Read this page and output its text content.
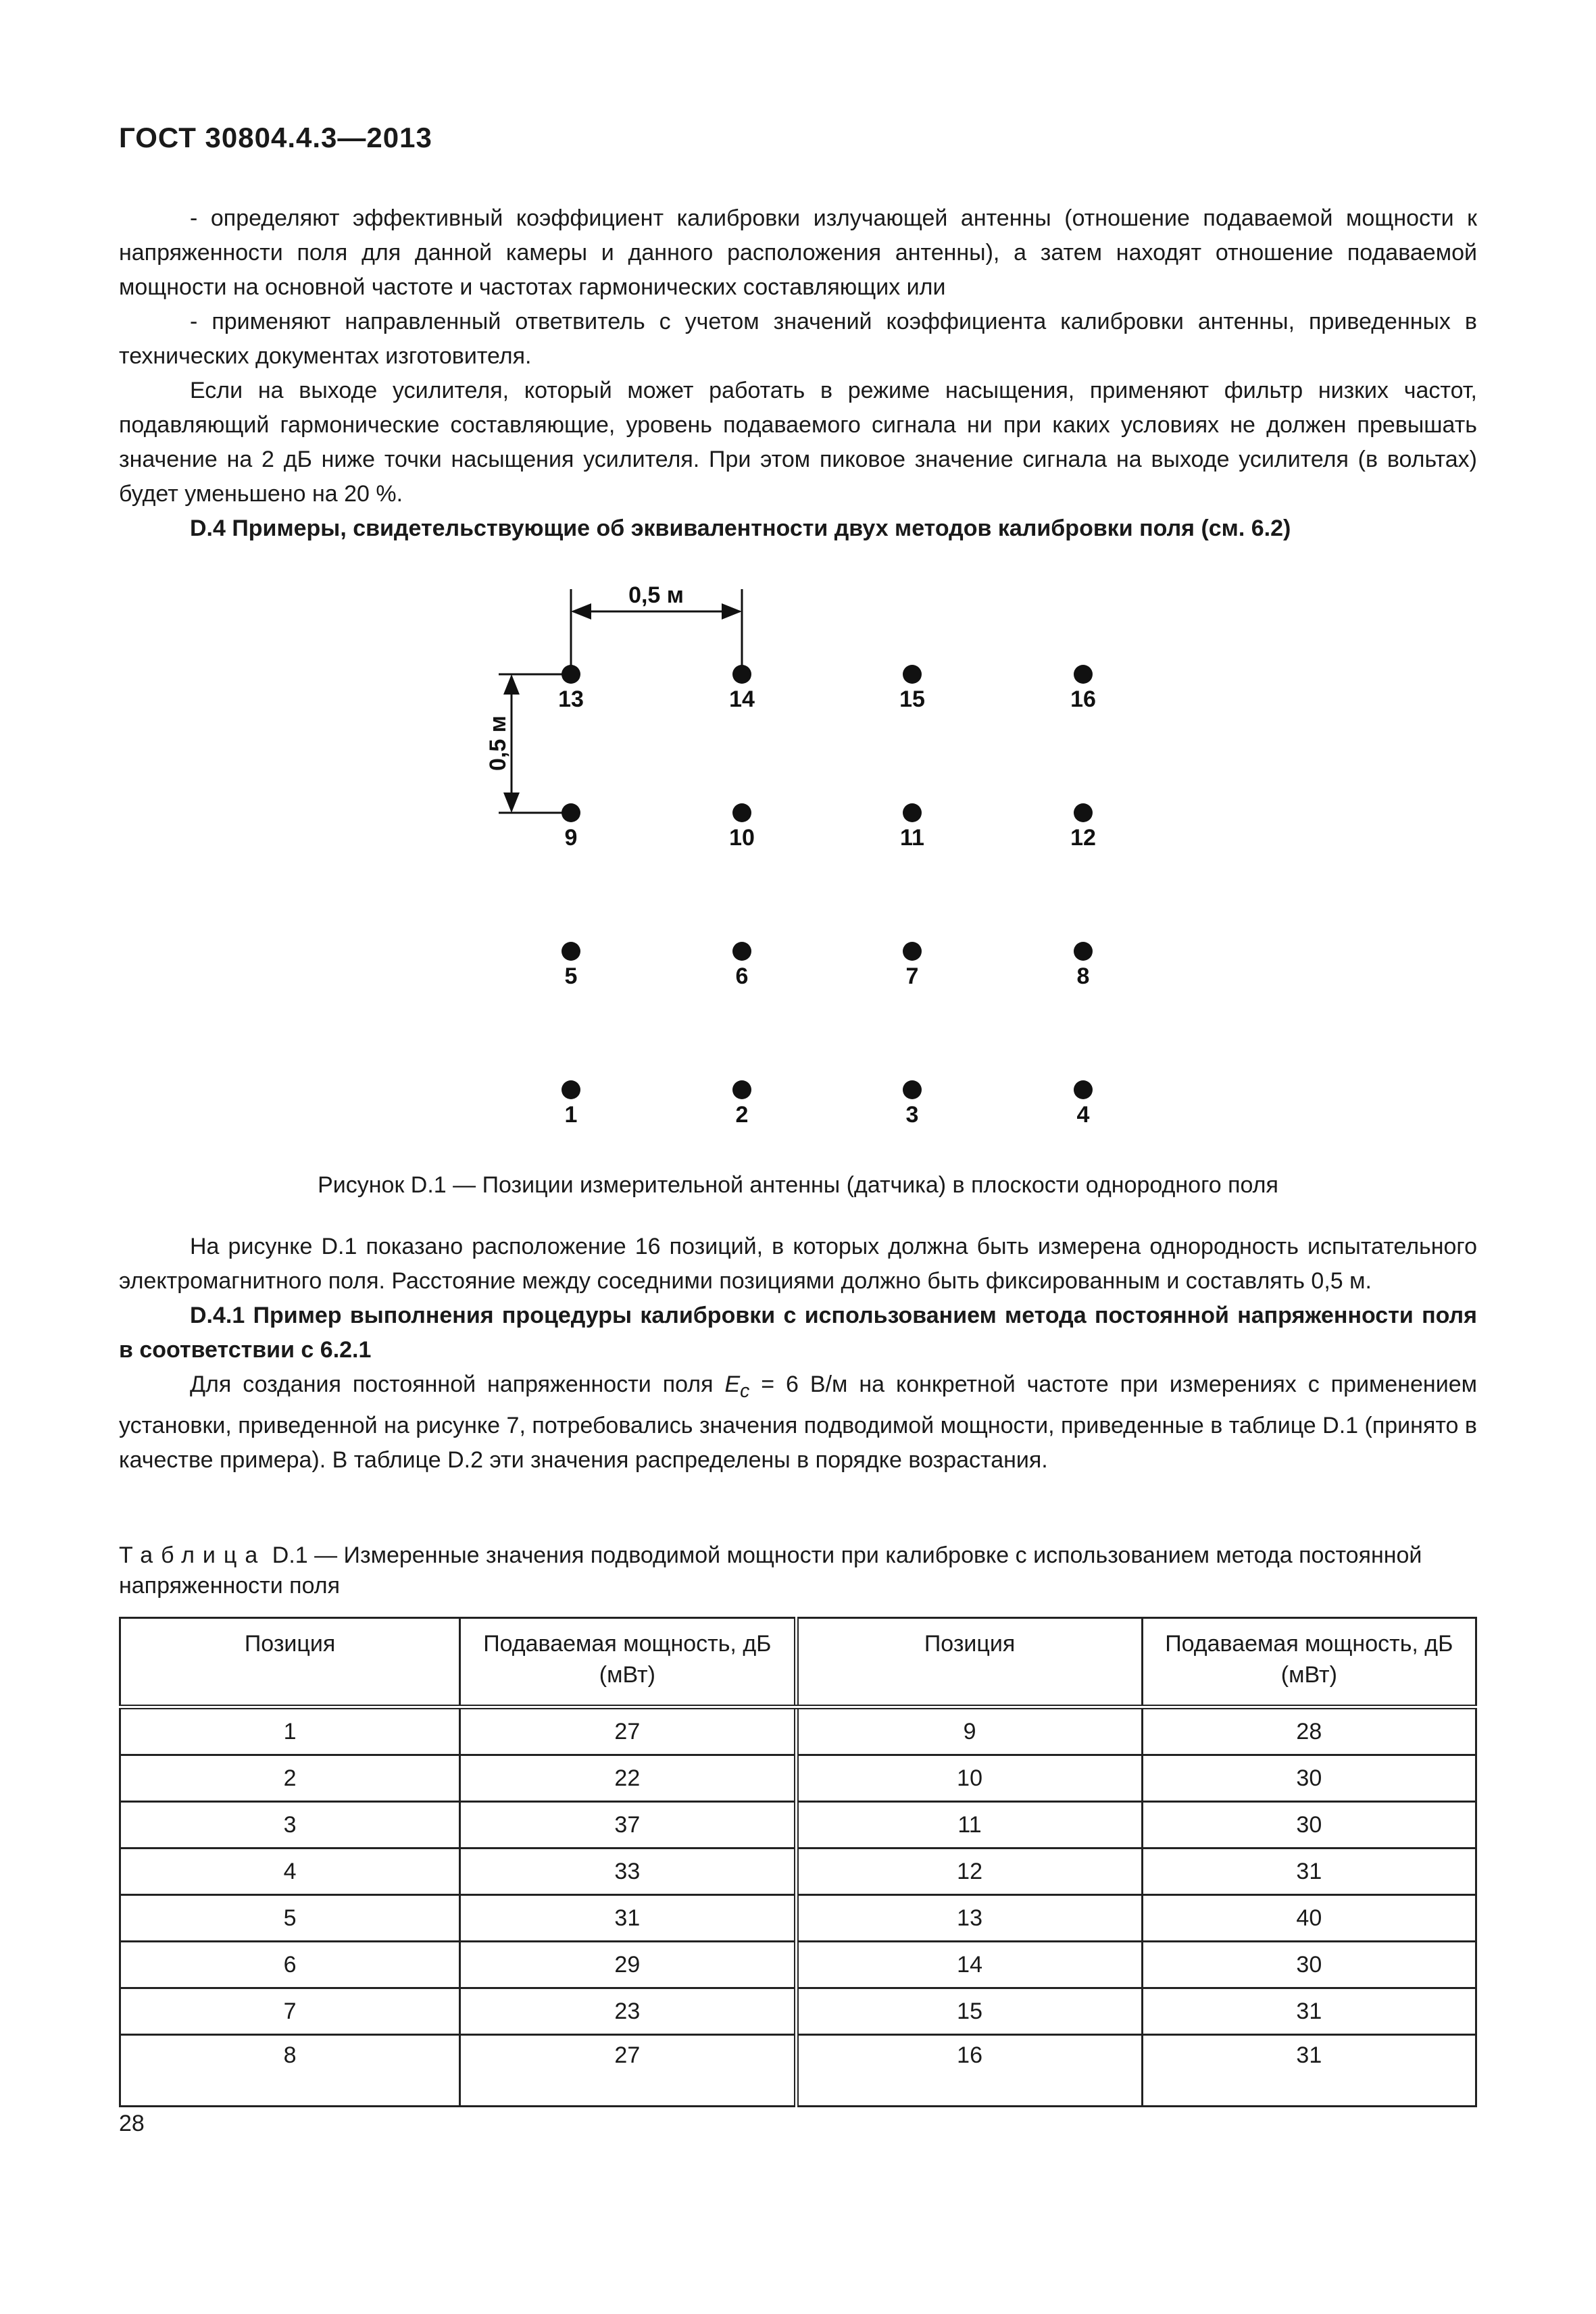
ГОСТ 30804.4.3—2013

- определяют эффективный коэффициент калибровки излучающей антенны (отношение подаваемой мощности к напряженности поля для данной камеры и данного расположения антенны), а затем находят отношение подаваемой мощности на основной частоте и частотах гармонических составляющих или

- применяют направленный ответвитель с учетом значений коэффициента калибровки антенны, приведенных в технических документах изготовителя.

Если на выходе усилителя, который может работать в режиме насыщения, применяют фильтр низких частот, подавляющий гармонические составляющие, уровень подаваемого сигнала ни при каких условиях не должен превышать значение на 2 дБ ниже точки насыщения усилителя. При этом пиковое значение сигнала на выходе усилителя (в вольтах) будет уменьшено на 20 %.

D.4 Примеры, свидетельствующие об эквивалентности двух методов калибровки поля (см. 6.2)

0,5 м
0,5 м
13	14	15	16
9	10	11	12
5	6	7	8
1	2	3	4
Рисунок D.1 — Позиции измерительной антенны (датчика) в плоскости однородного поля

На рисунке D.1 показано расположение 16 позиций, в которых должна быть измерена однородность испытательного электромагнитного поля. Расстояние между соседними позициями должно быть фиксированным и составлять 0,5 м.

D.4.1 Пример выполнения процедуры калибровки с использованием метода постоянной напряженности поля в соответствии с 6.2.1

Для создания постоянной напряженности поля $E_c = 6$ В/м на конкретной частоте при измерениях с применением установки, приведенной на рисунке 7, потребовались значения подводимой мощности, приведенные в таблице D.1 (принято в качестве примера). В таблице D.2 эти значения распределены в порядке возрастания.

Таблица D.1 — Измеренные значения подводимой мощности при калибровке с использованием метода постоянной напряженности поля
Позиция	Подаваемая мощность, дБ (мВт)	Позиция	Подаваемая мощность, дБ (мВт)
1	27	9	28
2	22	10	30
3	37	11	30
4	33	12	31
5	31	13	40
6	29	14	30
7	23	15	31
8	27	16	31
28
